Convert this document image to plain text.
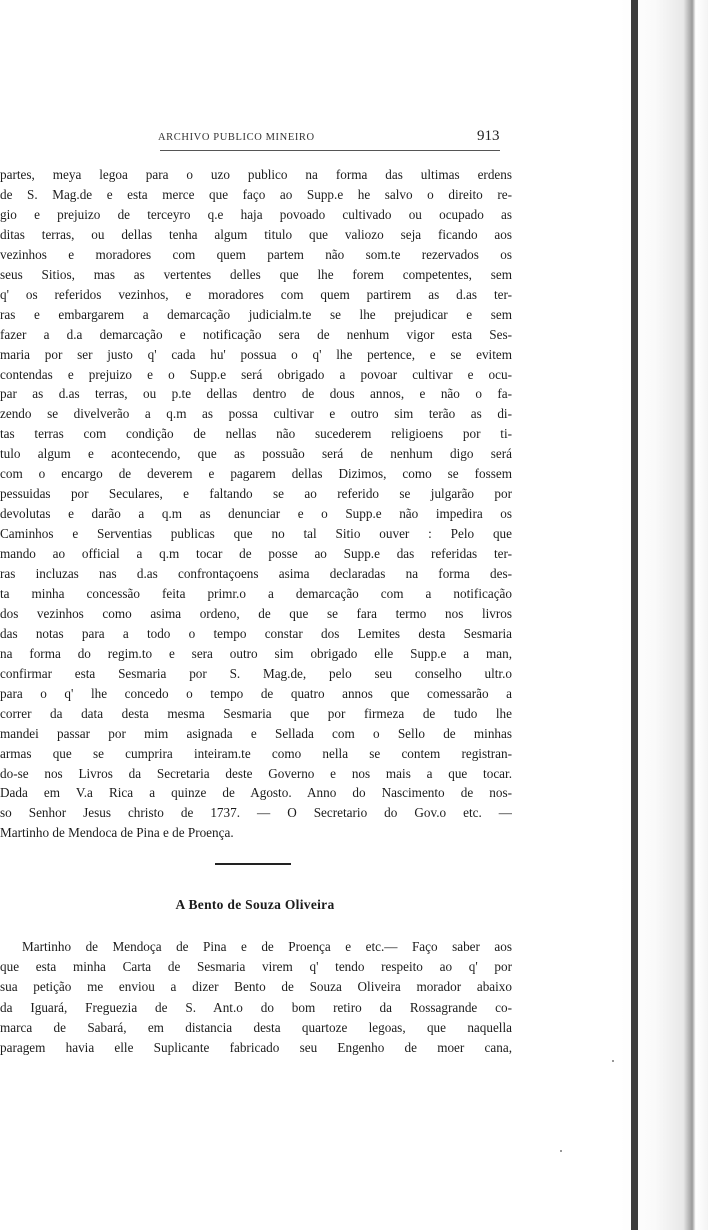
ARCHIVO PUBLICO MINEIRO	913
partes, meya legoa para o uzo publico na forma das ultimas erdens
de S. Mag.de e esta merce que faço ao Supp.e he salvo o direito re-
gio e prejuizo de terceyro q.e haja povoado cultivado ou ocupado as
ditas terras, ou dellas tenha algum titulo que valiozo seja ficando aos
vezinhos e moradores com quem partem não som.te rezervados os
seus Sitios, mas as vertentes delles que lhe forem competentes, sem
q' os referidos vezinhos, e moradores com quem partirem as d.as ter-
ras e embargarem a demarcação judicialm.te se lhe prejudicar e sem
fazer a d.a demarcação e notificação sera de nenhum vigor esta Ses-
maria por ser justo q' cada hu' possua o q' lhe pertence, e se evitem
contendas e prejuizo e o Supp.e será obrigado a povoar cultivar e ocu-
par as d.as terras, ou p.te dellas dentro de dous annos, e não o fa-
zendo se divelverão a q.m as possa cultivar e outro sim terão as di-
tas terras com condição de nellas não sucederem religioens por ti-
tulo algum e acontecendo, que as possuão será de nenhum digo será
com o encargo de deverem e pagarem dellas Dizimos, como se fossem
pessuidas por Seculares, e faltando se ao referido se julgarão por
devolutas e darão a q.m as denunciar e o Supp.e não impedira os
Caminhos e Serventias publicas que no tal Sitio ouver : Pelo que
mando ao official a q.m tocar de posse ao Supp.e das referidas ter-
ras incluzas nas d.as confrontaçoens asima declaradas na forma des-
ta minha concessão feita primr.o a demarcação com a notificação
dos vezinhos como asima ordeno, de que se fara termo nos livros
das notas para a todo o tempo constar dos Lemites desta Sesmaria
na forma do regim.to e sera outro sim obrigado elle Supp.e a man,
confirmar esta Sesmaria por S. Mag.de, pelo seu conselho ultr.o
para o q' lhe concedo o tempo de quatro annos que comessarão a
correr da data desta mesma Sesmaria que por firmeza de tudo lhe
mandei passar por mim asignada e Sellada com o Sello de minhas
armas que se cumprira inteiram.te como nella se contem registran-
do-se nos Livros da Secretaria deste Governo e nos mais a que tocar.
Dada em V.a Rica a quinze de Agosto. Anno do Nascimento de nos-
so Senhor Jesus christo de 1737. — O Secretario do Gov.o etc. —
Martinho de Mendoca de Pina e de Proença.
A Bento de Souza Oliveira
Martinho de Mendoça de Pina e de Proença e etc.— Faço saber aos
que esta minha Carta de Sesmaria virem q' tendo respeito ao q' por
sua petição me enviou a dizer Bento de Souza Oliveira morador abaixo
da Iguará, Freguezia de S. Ant.o do bom retiro da Rossagrande co-
marca de Sabará, em distancia desta quartoze legoas, que naquella
paragem havia elle Suplicante fabricado seu Engenho de moer cana,
